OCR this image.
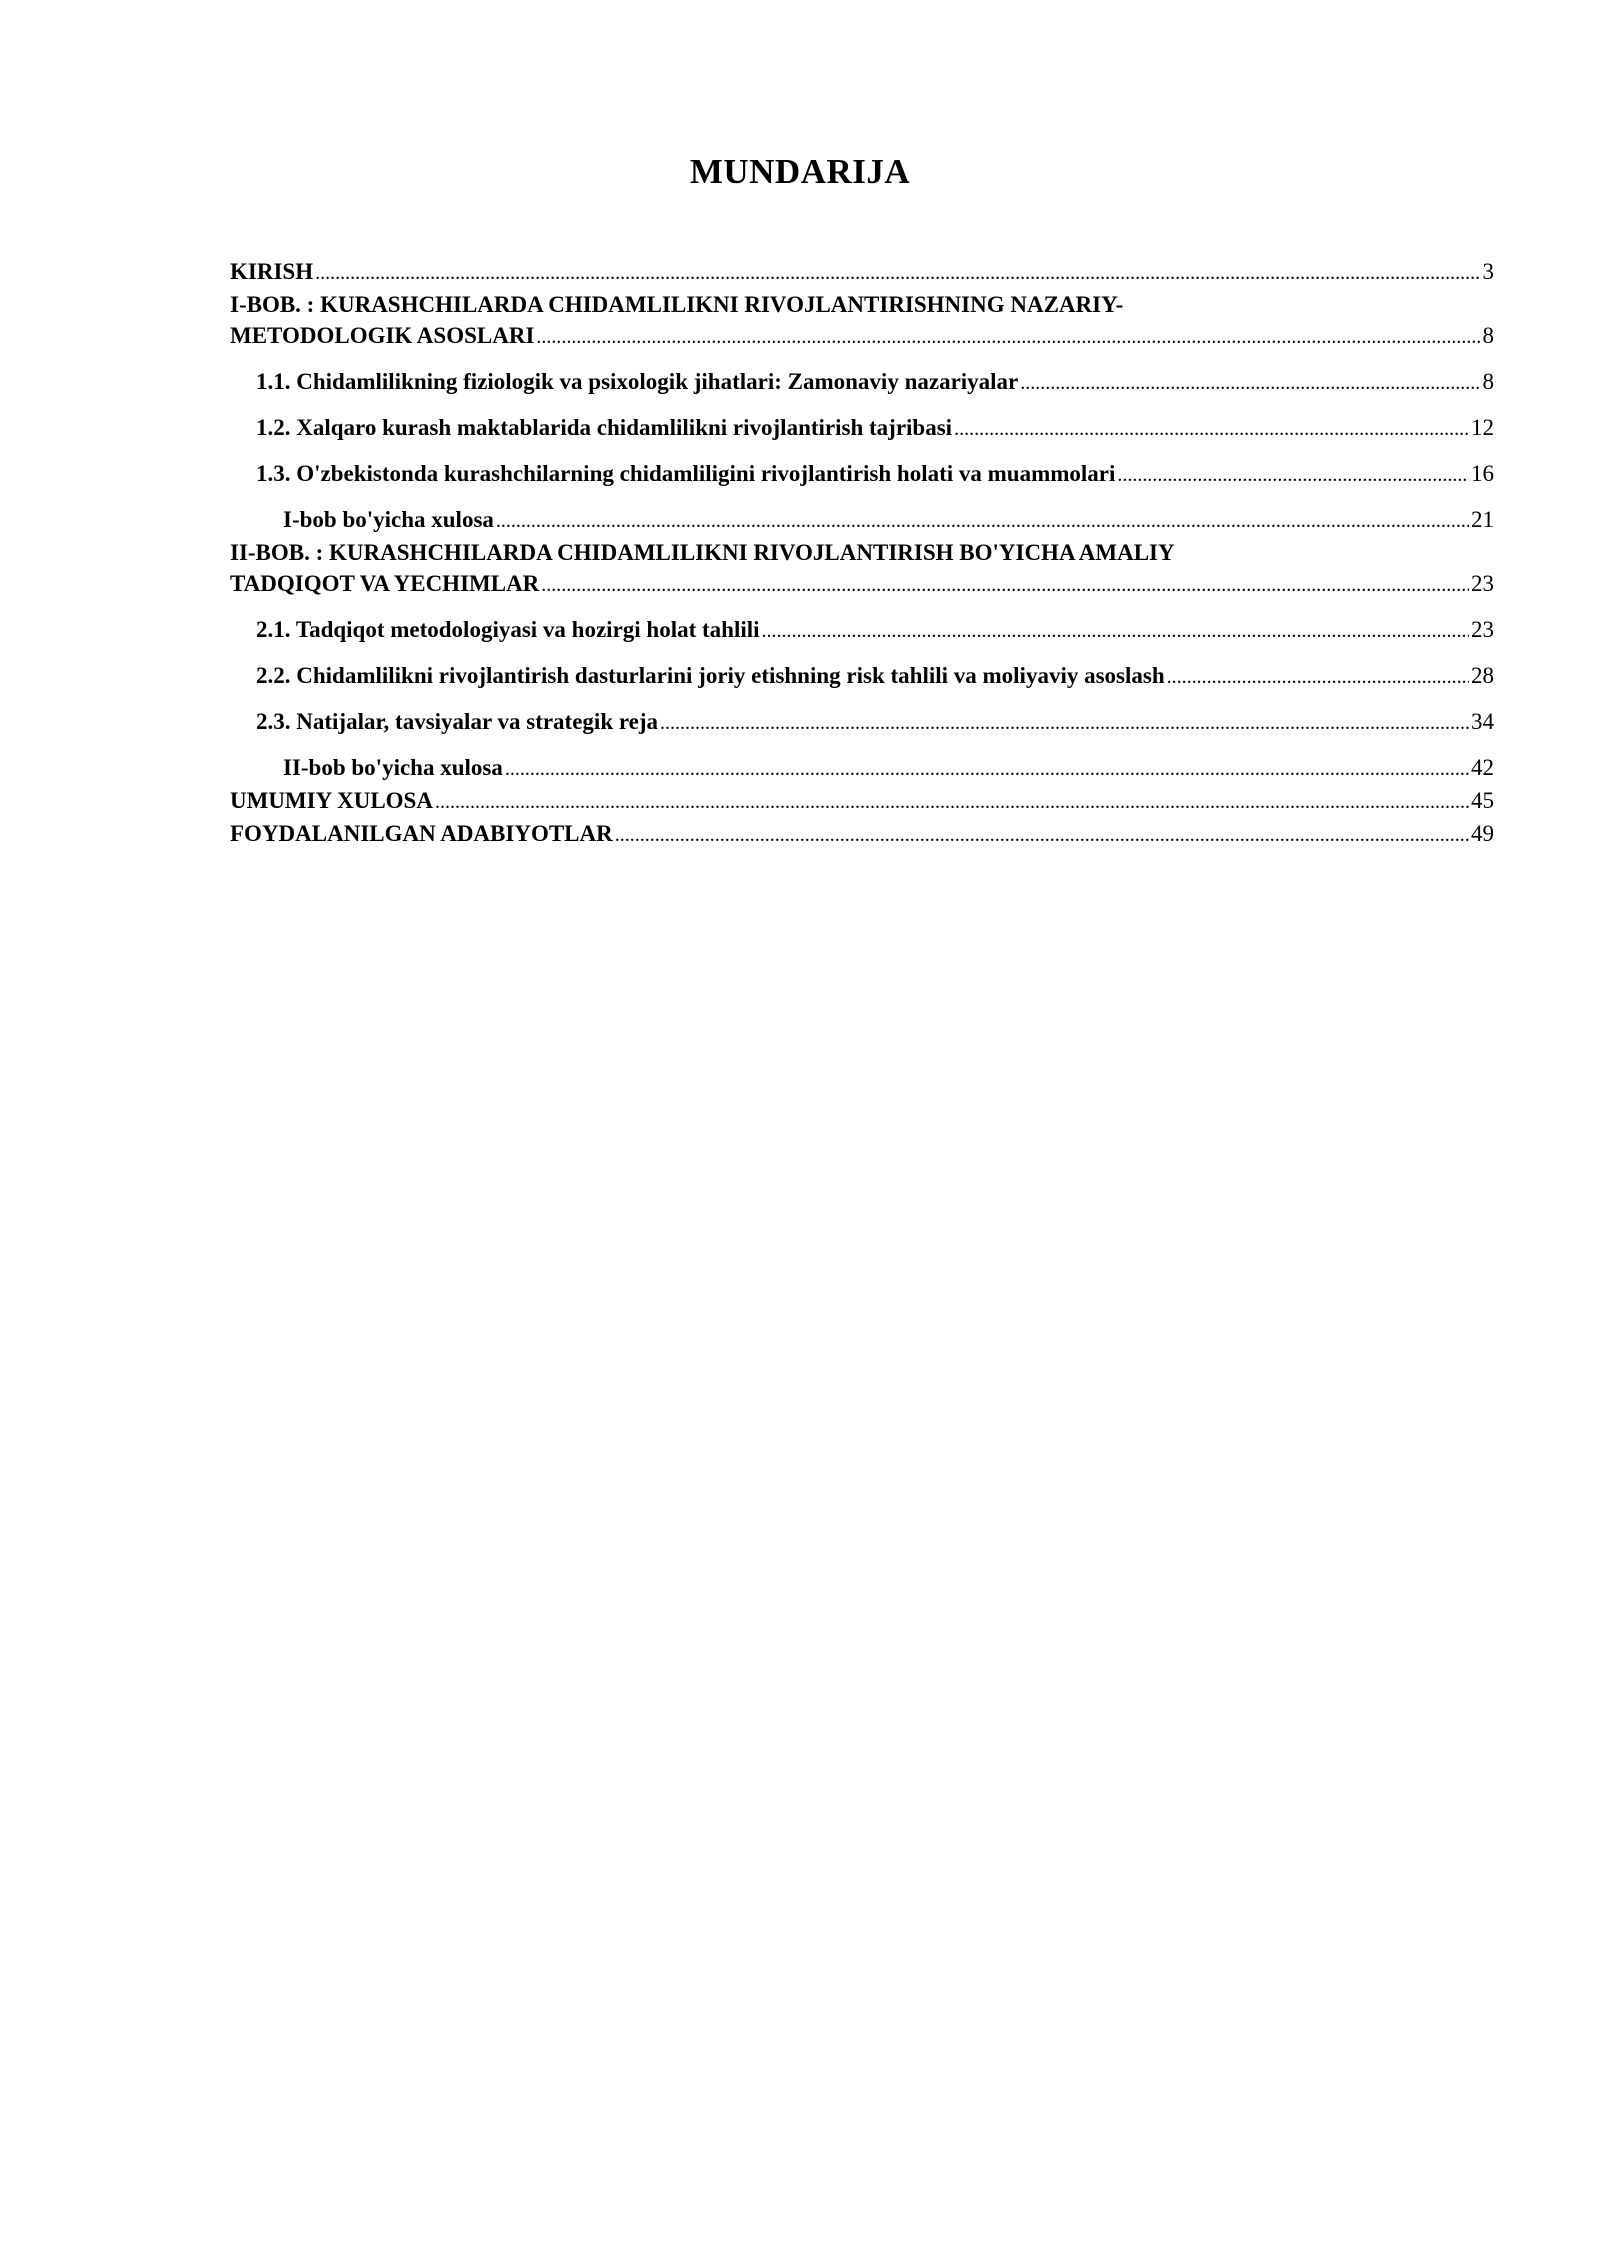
MUNDARIJA
KIRISH .....	3
I-BOB. : KURASHCHILARDA CHIDAMLILIKNI RIVOJLANTIRISHNING NAZARIY-
METODOLOGIK ASOSLARI .....	8
1.1. Chidamlilikning fiziologik va psixologik jihatlari: Zamonaviy nazariyalar .....	8
1.2. Xalqaro kurash maktablarida chidamlilikni rivojlantirish tajribasi .....	12
1.3. O'zbekistonda kurashchilarning chidamliligini rivojlantirish holati va muammolari .....	16
I-bob bo'yicha xulosa .....	21
II-BOB. : KURASHCHILARDA CHIDAMLILIKNI RIVOJLANTIRISH BO'YICHA AMALIY
TADQIQOT VA YECHIMLAR .....	23
2.1. Tadqiqot metodologiyasi va hozirgi holat tahlili .....	23
2.2. Chidamlilikni rivojlantirish dasturlarini joriy etishning risk tahlili va moliyaviy asoslash .....	28
2.3. Natijalar, tavsiyalar va strategik reja .....	34
II-bob bo'yicha xulosa .....	42
UMUMIY XULOSA .....	45
FOYDALANILGAN ADABIYOTLAR .....	49
